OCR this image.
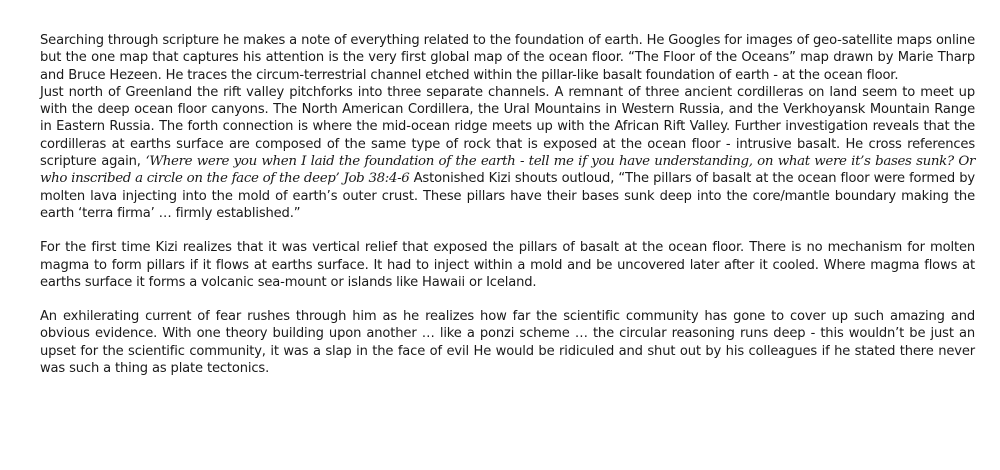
Searching through scripture he makes a note of everything related to the foundation of earth. He Googles for images of geo-satellite maps online but the one map that captures his attention is the very first global map of the ocean floor. “The Floor of the Oceans” map drawn by Marie Tharp and Bruce Hezeen. He traces the circum-terrestrial channel etched within the pillar-like basalt foundation of earth - at the ocean floor.

Just north of Greenland the rift valley pitchforks into three separate channels. A remnant of three ancient cordilleras on land seem to meet up with the deep ocean floor canyons. The North American Cordillera, the Ural Mountains in Western Russia, and the Verkhoyansk Mountain Range in Eastern Russia. The forth connection is where the mid-ocean ridge meets up with the African Rift Valley. Further investigation reveals that the cordilleras at earths surface are composed of the same type of rock that is exposed at the ocean floor - intrusive basalt. He cross references scripture again, ‘Where were you when I laid the foundation of the earth - tell me if you have understanding, on what were it’s bases sunk? Or who inscribed a circle on the face of the deep’ Job 38:4-6 Astonished Kizi shouts outloud, “The pillars of basalt at the ocean floor were formed by molten lava injecting into the mold of earth’s outer crust. These pillars have their bases sunk deep into the core/mantle boundary making the earth ‘terra firma’ … firmly established.”

For the first time Kizi realizes that it was vertical relief that exposed the pillars of basalt at the ocean floor. There is no mechanism for molten magma to form pillars if it flows at earths surface. It had to inject within a mold and be uncovered later after it cooled. Where magma flows at earths surface it forms a volcanic sea-mount or islands like Hawaii or Iceland.

An exhilerating current of fear rushes through him as he realizes how far the scientific community has gone to cover up such amazing and obvious evidence. With one theory building upon another … like a ponzi scheme … the circular reasoning runs deep - this wouldn’t be just an upset for the scientific community, it was a slap in the face of evil He would be ridiculed and shut out by his colleagues if he stated there never was such a thing as plate tectonics.
